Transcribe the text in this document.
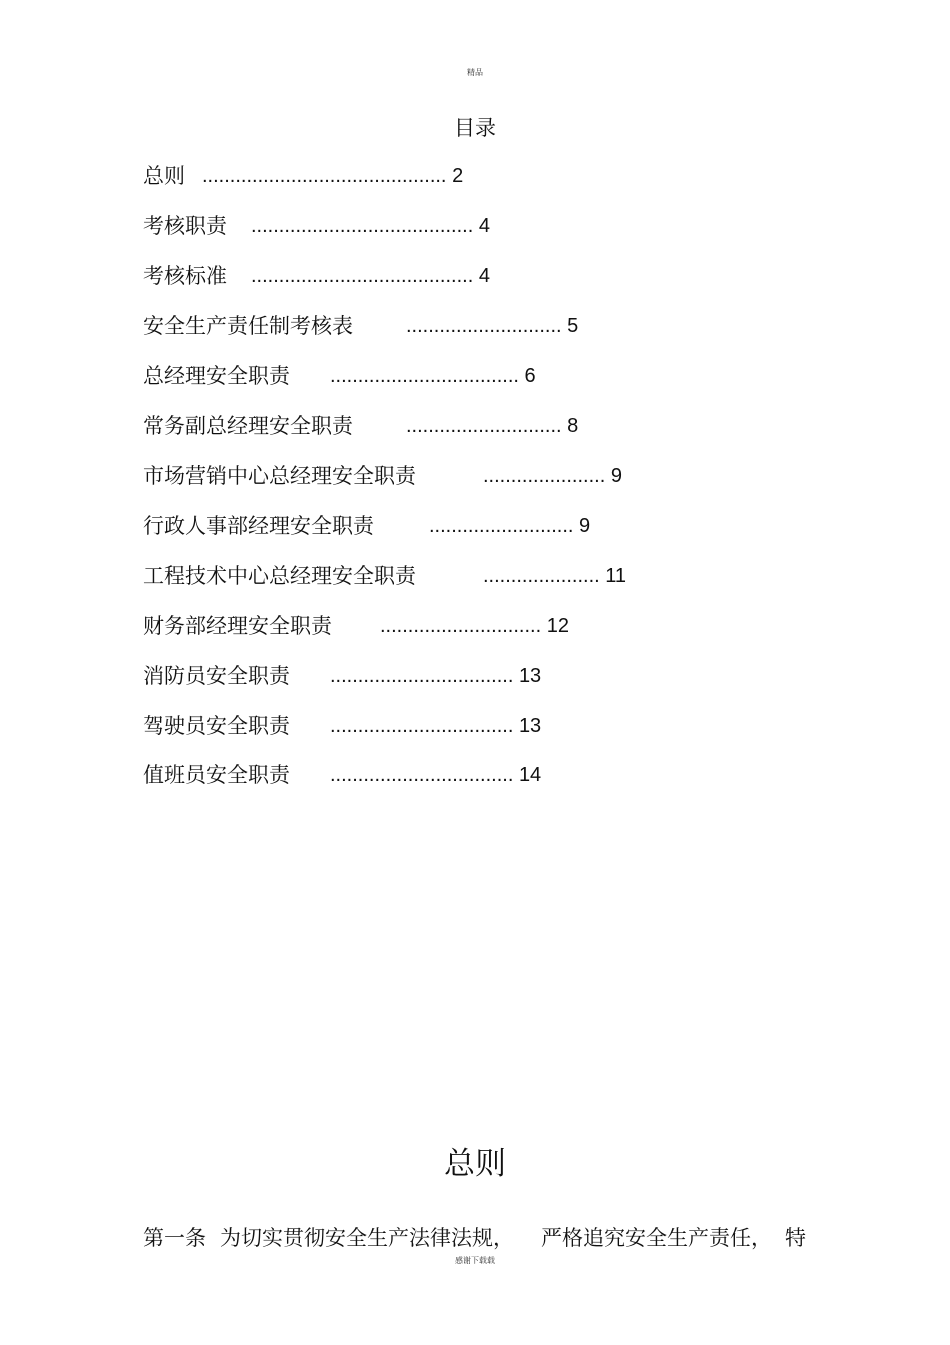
精品
目录
总则 ............................................ 2
考核职责 ........................................ 4
考核标准 ........................................ 4
安全生产责任制考核表	............................ 5
总经理安全职责 .................................. 6
常务副总经理安全职责	............................ 8
市场营销中心总经理安全职责	...................... 9
行政人事部经理安全职责	.......................... 9
工程技术中心总经理安全职责	..................... 11
财务部经理安全职责 ............................. 12
消防员安全职责 ................................. 13
驾驶员安全职责 ................................. 13
值班员安全职责 ................................. 14
总则
第一条 为切实贯彻安全生产法律法规， 严格追究安全生产责任， 特
感谢下载载
